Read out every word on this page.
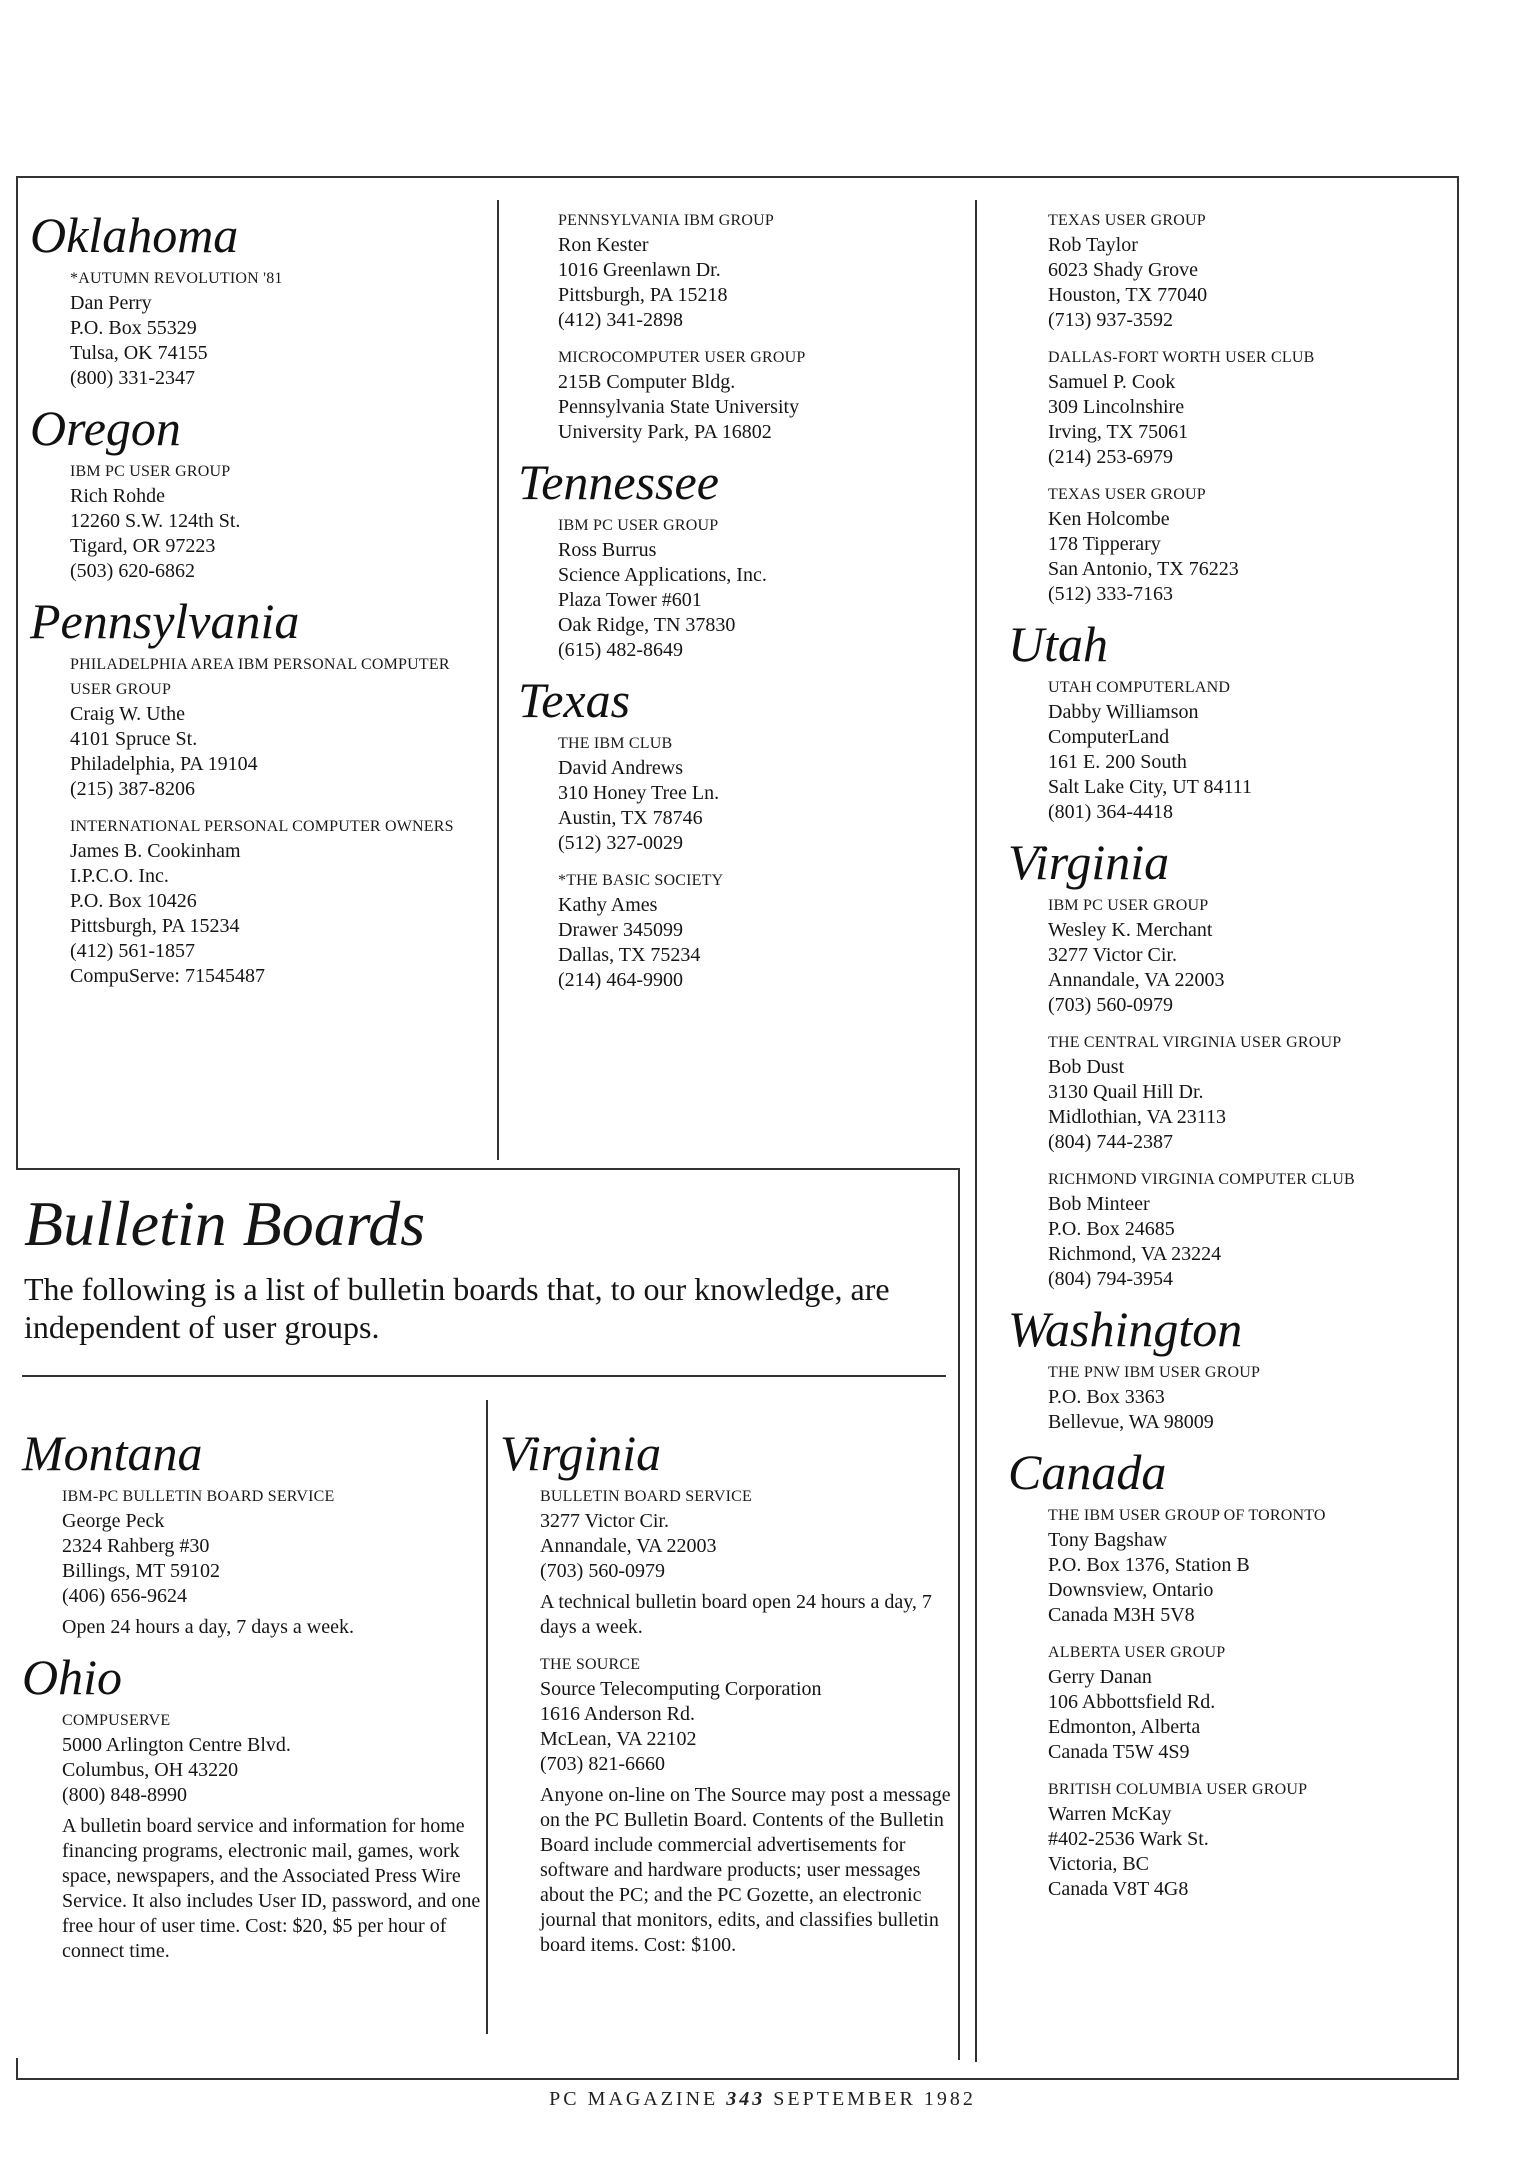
Oklahoma
*AUTUMN REVOLUTION '81
Dan Perry
P.O. Box 55329
Tulsa, OK 74155
(800) 331-2347
Oregon
IBM PC USER GROUP
Rich Rohde
12260 S.W. 124th St.
Tigard, OR 97223
(503) 620-6862
Pennsylvania
PHILADELPHIA AREA IBM PERSONAL COMPUTER USER GROUP
Craig W. Uthe
4101 Spruce St.
Philadelphia, PA 19104
(215) 387-8206
INTERNATIONAL PERSONAL COMPUTER OWNERS
James B. Cookinham
I.P.C.O. Inc.
P.O. Box 10426
Pittsburgh, PA 15234
(412) 561-1857
CompuServe: 71545487
PENNSYLVANIA IBM GROUP
Ron Kester
1016 Greenlawn Dr.
Pittsburgh, PA 15218
(412) 341-2898
MICROCOMPUTER USER GROUP
215B Computer Bldg.
Pennsylvania State University
University Park, PA 16802
Tennessee
IBM PC USER GROUP
Ross Burrus
Science Applications, Inc.
Plaza Tower #601
Oak Ridge, TN 37830
(615) 482-8649
Texas
THE IBM CLUB
David Andrews
310 Honey Tree Ln.
Austin, TX 78746
(512) 327-0029
*THE BASIC SOCIETY
Kathy Ames
Drawer 345099
Dallas, TX 75234
(214) 464-9900
TEXAS USER GROUP
Rob Taylor
6023 Shady Grove
Houston, TX 77040
(713) 937-3592
DALLAS-FORT WORTH USER CLUB
Samuel P. Cook
309 Lincolnshire
Irving, TX 75061
(214) 253-6979
TEXAS USER GROUP
Ken Holcombe
178 Tipperary
San Antonio, TX 76223
(512) 333-7163
Utah
UTAH COMPUTERLAND
Dabby Williamson
ComputerLand
161 E. 200 South
Salt Lake City, UT 84111
(801) 364-4418
Virginia
IBM PC USER GROUP
Wesley K. Merchant
3277 Victor Cir.
Annandale, VA 22003
(703) 560-0979
THE CENTRAL VIRGINIA USER GROUP
Bob Dust
3130 Quail Hill Dr.
Midlothian, VA 23113
(804) 744-2387
RICHMOND VIRGINIA COMPUTER CLUB
Bob Minteer
P.O. Box 24685
Richmond, VA 23224
(804) 794-3954
Washington
THE PNW IBM USER GROUP
P.O. Box 3363
Bellevue, WA 98009
Canada
THE IBM USER GROUP OF TORONTO
Tony Bagshaw
P.O. Box 1376, Station B
Downsview, Ontario
Canada M3H 5V8
ALBERTA USER GROUP
Gerry Danan
106 Abbottsfield Rd.
Edmonton, Alberta
Canada T5W 4S9
BRITISH COLUMBIA USER GROUP
Warren McKay
#402-2536 Wark St.
Victoria, BC
Canada V8T 4G8
Bulletin Boards

The following is a list of bulletin boards that, to our knowledge, are independent of user groups.

Montana
IBM-PC BULLETIN BOARD SERVICE
George Peck
2324 Rahberg #30
Billings, MT 59102
(406) 656-9624
Open 24 hours a day, 7 days a week.
Ohio
COMPUSERVE
5000 Arlington Centre Blvd.
Columbus, OH 43220
(800) 848-8990
A bulletin board service and information for home financing programs, electronic mail, games, work space, newspapers, and the Associated Press Wire Service. It also includes User ID, password, and one free hour of user time. Cost: $20, $5 per hour of connect time.
Virginia
BULLETIN BOARD SERVICE
3277 Victor Cir.
Annandale, VA 22003
(703) 560-0979
A technical bulletin board open 24 hours a day, 7 days a week.
THE SOURCE
Source Telecomputing Corporation
1616 Anderson Rd.
McLean, VA 22102
(703) 821-6660
Anyone on-line on The Source may post a message on the PC Bulletin Board. Contents of the Bulletin Board include commercial advertisements for software and hardware products; user messages about the PC; and the PC Gozette, an electronic journal that monitors, edits, and classifies bulletin board items. Cost: $100.
PC MAGAZINE 343 SEPTEMBER 1982
